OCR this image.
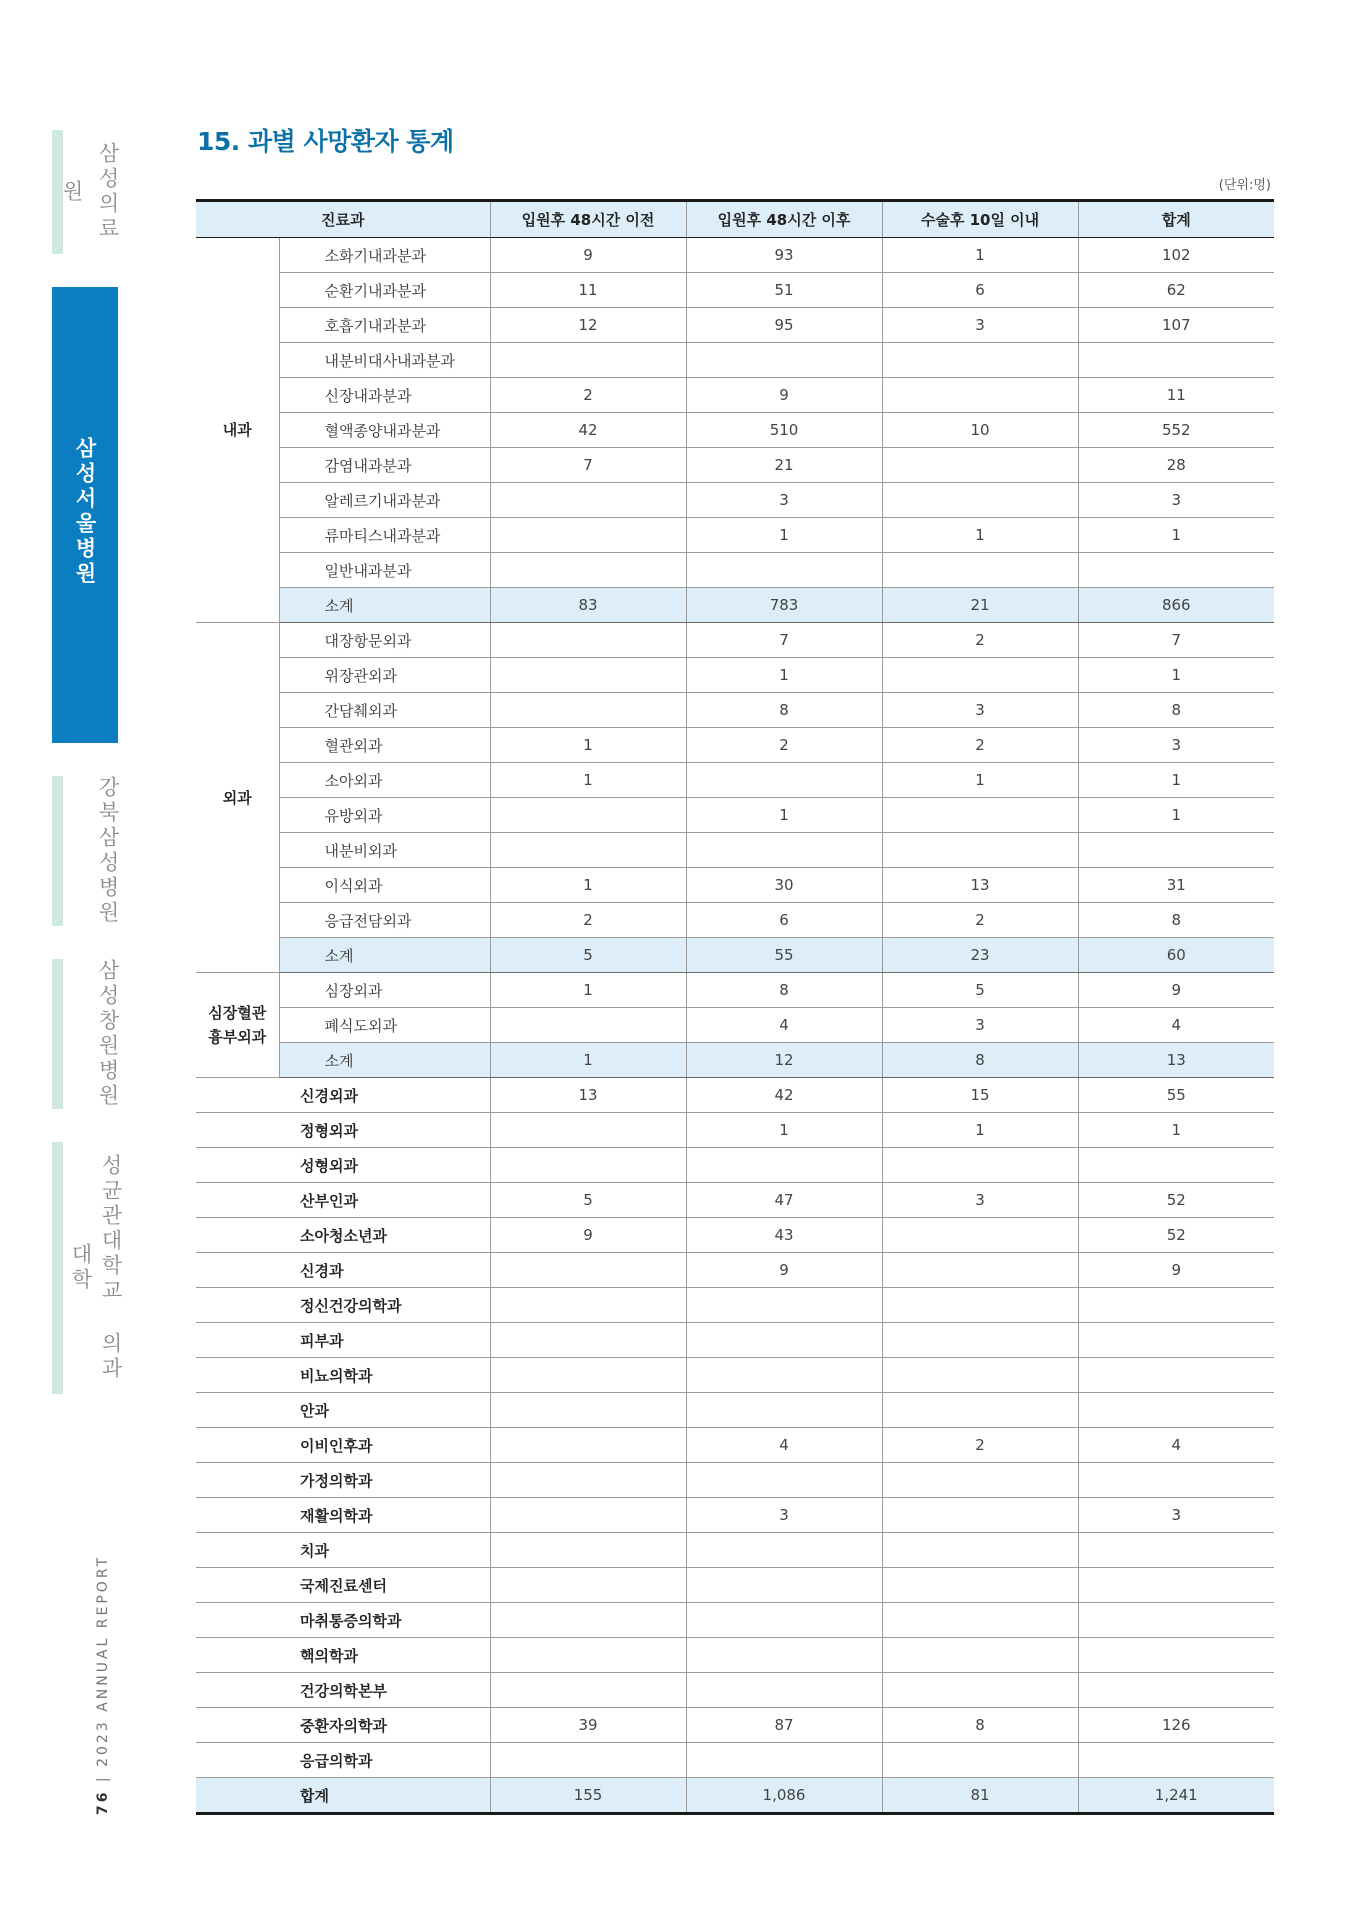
삼성의료원
삼성서울병원
강북삼성병원
삼성창원병원
성균관대학교 의과대학
76 | 2023 ANNUAL REPORT
15. 과별 사망환자 통계
(단위:명)
진료과		입원후 48시간 이전	입원후 48시간 이후	수술후 10일 이내	합계
내과	소화기내과분과	9	93	1	102
	순환기내과분과	11	51	6	62
	호흡기내과분과	12	95	3	107
	내분비대사내과분과				
	신장내과분과	2	9		11
	혈액종양내과분과	42	510	10	552
	감염내과분과	7	21		28
	알레르기내과분과		3		3
	류마티스내과분과		1	1	1
	일반내과분과				
	소계	83	783	21	866
외과	대장항문외과		7	2	7
	위장관외과		1		1
	간담췌외과		8	3	8
	혈관외과	1	2	2	3
	소아외과	1		1	1
	유방외과		1		1
	내분비외과				
	이식외과	1	30	13	31
	응급전담외과	2	6	2	8
	소계	5	55	23	60
심장혈관
흉부외과	심장외과	1	8	5	9
	폐식도외과		4	3	4
	소계	1	12	8	13
신경외과		13	42	15	55
정형외과			1	1	1
성형외과					
산부인과		5	47	3	52
소아청소년과		9	43		52
신경과			9		9
정신건강의학과					
피부과					
비뇨의학과					
안과					
이비인후과			4	2	4
가정의학과					
재활의학과			3		3
치과					
국제진료센터					
마취통증의학과					
핵의학과					
건강의학본부					
중환자의학과		39	87	8	126
응급의학과					
합계		155	1,086	81	1,241
